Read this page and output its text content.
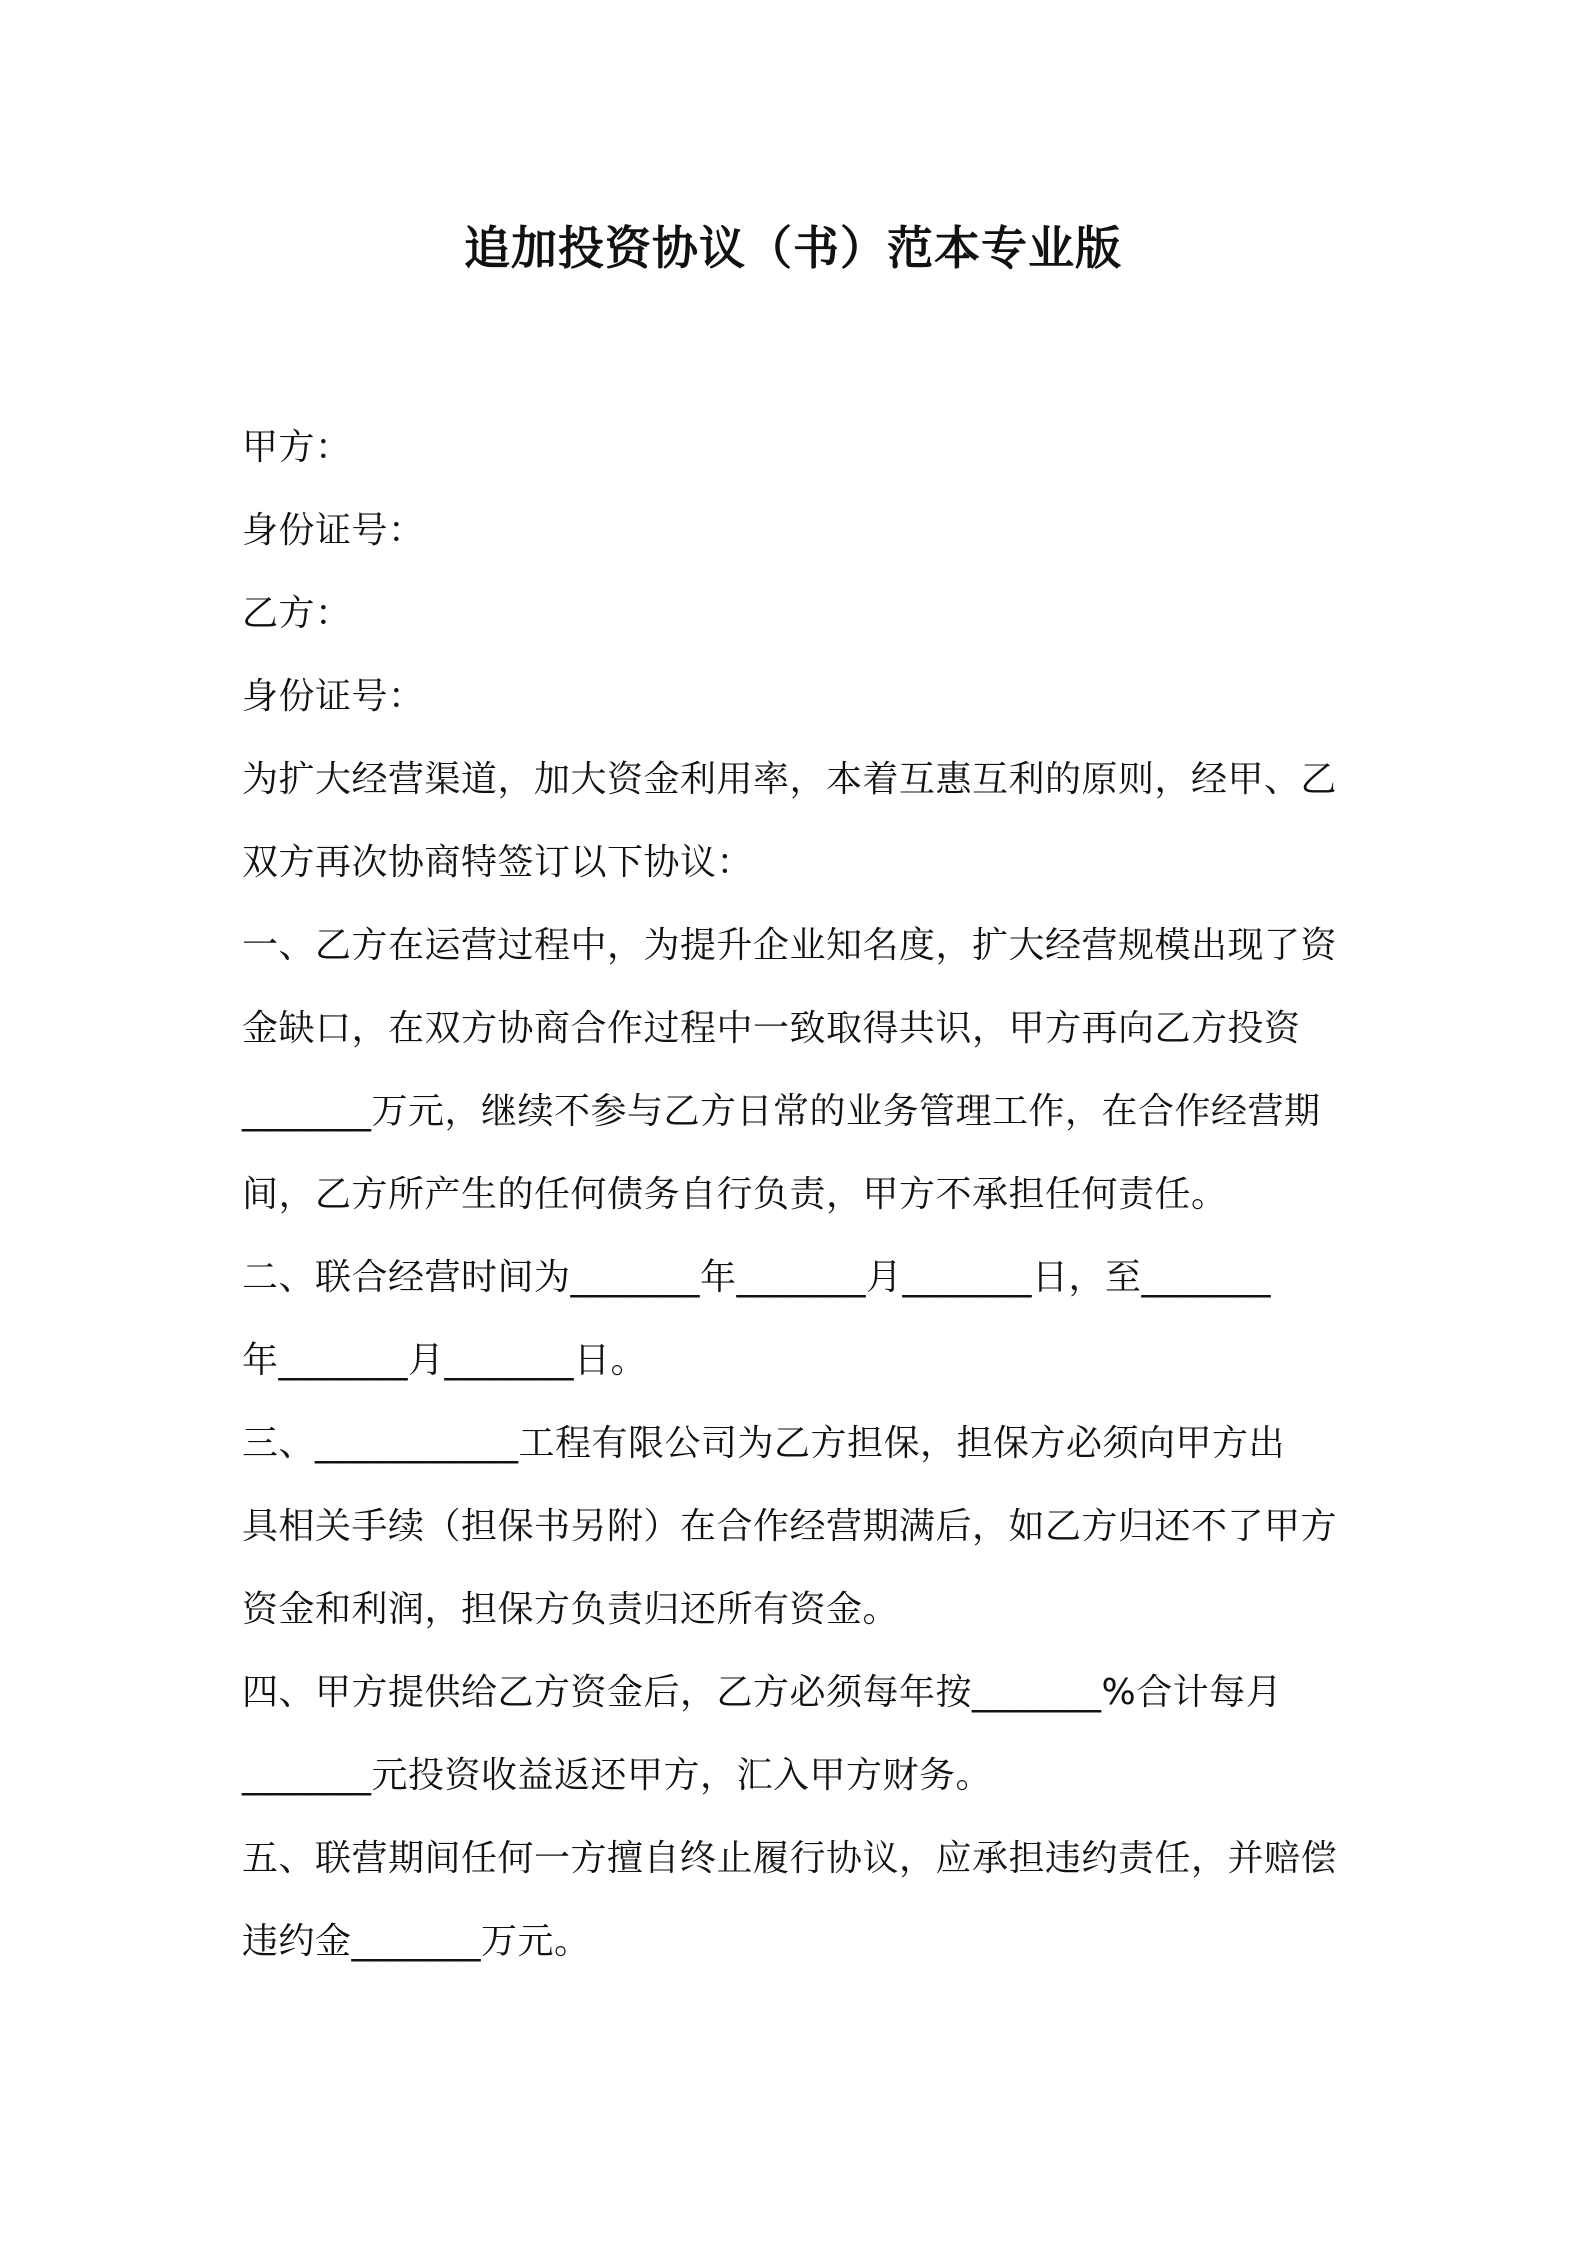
追加投资协议（书）范本专业版
甲方：
身份证号：
乙方：
身份证号：
为扩大经营渠道，加大资金利用率，本着互惠互利的原则，经甲、乙
双方再次协商特签订以下协议：
一、乙方在运营过程中，为提升企业知名度，扩大经营规模出现了资
金缺口，在双方协商合作过程中一致取得共识，甲方再向乙方投资
_______万元，继续不参与乙方日常的业务管理工作，在合作经营期
间，乙方所产生的任何债务自行负责，甲方不承担任何责任。
二、联合经营时间为_______年_______月_______日，至_______
年_______月_______日。
三、___________工程有限公司为乙方担保，担保方必须向甲方出
具相关手续（担保书另附）在合作经营期满后，如乙方归还不了甲方
资金和利润，担保方负责归还所有资金。
四、甲方提供给乙方资金后，乙方必须每年按_______%合计每月
_______元投资收益返还甲方，汇入甲方财务。
五、联营期间任何一方擅自终止履行协议，应承担违约责任，并赔偿
违约金_______万元。
